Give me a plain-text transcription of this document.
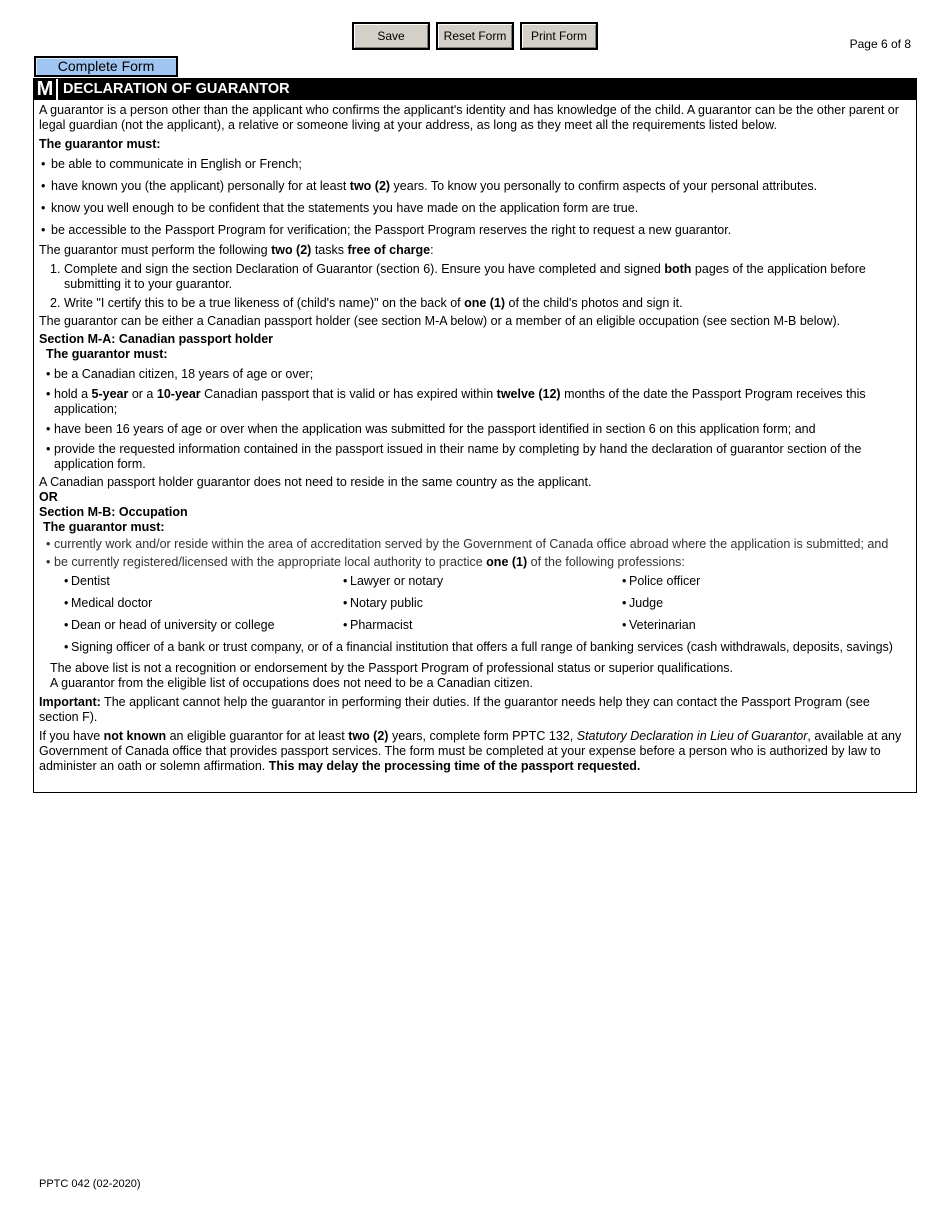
Save	Reset Form	Print Form
Page 6 of 8
Complete Form
M DECLARATION OF GUARANTOR

A guarantor is a person other than the applicant who confirms the applicant's identity and has knowledge of the child. A guarantor can be the other parent or legal guardian (not the applicant), a relative or someone living at your address, as long as they meet all the requirements listed below.

The guarantor must:

• be able to communicate in English or French;
• have known you (the applicant) personally for at least two (2) years. To know you personally to confirm aspects of your personal attributes.
• know you well enough to be confident that the statements you have made on the application form are true.
• be accessible to the Passport Program for verification; the Passport Program reserves the right to request a new guarantor.

The guarantor must perform the following two (2) tasks free of charge:

1. Complete and sign the section Declaration of Guarantor (section 6). Ensure you have completed and signed both pages of the application before submitting it to your guarantor.
2. Write "I certify this to be a true likeness of (child's name)" on the back of one (1) of the child's photos and sign it.

The guarantor can be either a Canadian passport holder (see section M-A below) or a member of an eligible occupation (see section M-B below).

Section M-A: Canadian passport holder

The guarantor must:

• be a Canadian citizen, 18 years of age or over;
• hold a 5-year or a 10-year Canadian passport that is valid or has expired within twelve (12) months of the date the Passport Program receives this application;
• have been 16 years of age or over when the application was submitted for the passport identified in section 6 on this application form; and
• provide the requested information contained in the passport issued in their name by completing by hand the declaration of guarantor section of the application form.

A Canadian passport holder guarantor does not need to reside in the same country as the applicant.

OR

Section M-B: Occupation

The guarantor must:

• currently work and/or reside within the area of accreditation served by the Government of Canada office abroad where the application is submitted; and
• be currently registered/licensed with the appropriate local authority to practice one (1) of the following professions:
• Dentist	• Lawyer or notary	• Police officer
• Medical doctor	• Notary public	• Judge
• Dean or head of university or college	• Pharmacist	• Veterinarian
• Signing officer of a bank or trust company, or of a financial institution that offers a full range of banking services (cash withdrawals, deposits, savings)

The above list is not a recognition or endorsement by the Passport Program of professional status or superior qualifications.

A guarantor from the eligible list of occupations does not need to be a Canadian citizen.

Important: The applicant cannot help the guarantor in performing their duties. If the guarantor needs help they can contact the Passport Program (see section F).

If you have not known an eligible guarantor for at least two (2) years, complete form PPTC 132, Statutory Declaration in Lieu of Guarantor, available at any Government of Canada office that provides passport services. The form must be completed at your expense before a person who is authorized by law to administer an oath or solemn affirmation. This may delay the processing time of the passport requested.

PPTC 042 (02-2020)
